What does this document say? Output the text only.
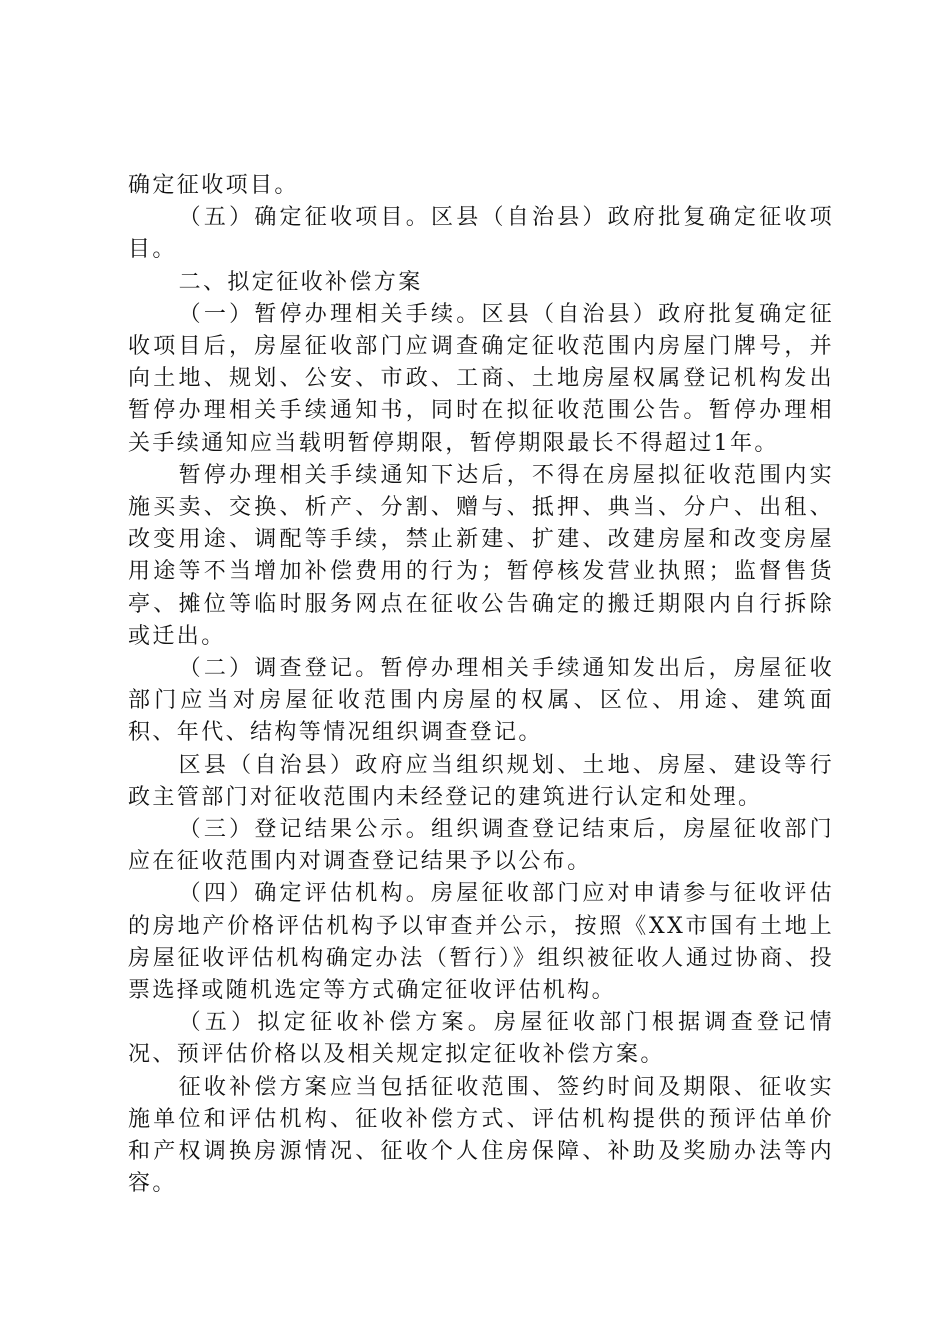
确定征收项目。

（五）确定征收项目。区县（自治县）政府批复确定征收项目。

二、拟定征收补偿方案

（一）暂停办理相关手续。区县（自治县）政府批复确定征收项目后，房屋征收部门应调查确定征收范围内房屋门牌号，并向土地、规划、公安、市政、工商、土地房屋权属登记机构发出暂停办理相关手续通知书，同时在拟征收范围公告。暂停办理相关手续通知应当载明暂停期限，暂停期限最长不得超过1年。

暂停办理相关手续通知下达后，不得在房屋拟征收范围内实施买卖、交换、析产、分割、赠与、抵押、典当、分户、出租、改变用途、调配等手续，禁止新建、扩建、改建房屋和改变房屋用途等不当增加补偿费用的行为；暂停核发营业执照；监督售货亭、摊位等临时服务网点在征收公告确定的搬迁期限内自行拆除或迁出。

（二）调查登记。暂停办理相关手续通知发出后，房屋征收部门应当对房屋征收范围内房屋的权属、区位、用途、建筑面积、年代、结构等情况组织调查登记。

区县（自治县）政府应当组织规划、土地、房屋、建设等行政主管部门对征收范围内未经登记的建筑进行认定和处理。

（三）登记结果公示。组织调查登记结束后，房屋征收部门应在征收范围内对调查登记结果予以公布。

（四）确定评估机构。房屋征收部门应对申请参与征收评估的房地产价格评估机构予以审查并公示，按照《XX市国有土地上房屋征收评估机构确定办法（暂行）》组织被征收人通过协商、投票选择或随机选定等方式确定征收评估机构。

（五）拟定征收补偿方案。房屋征收部门根据调查登记情况、预评估价格以及相关规定拟定征收补偿方案。

征收补偿方案应当包括征收范围、签约时间及期限、征收实施单位和评估机构、征收补偿方式、评估机构提供的预评估单价和产权调换房源情况、征收个人住房保障、补助及奖励办法等内容。
